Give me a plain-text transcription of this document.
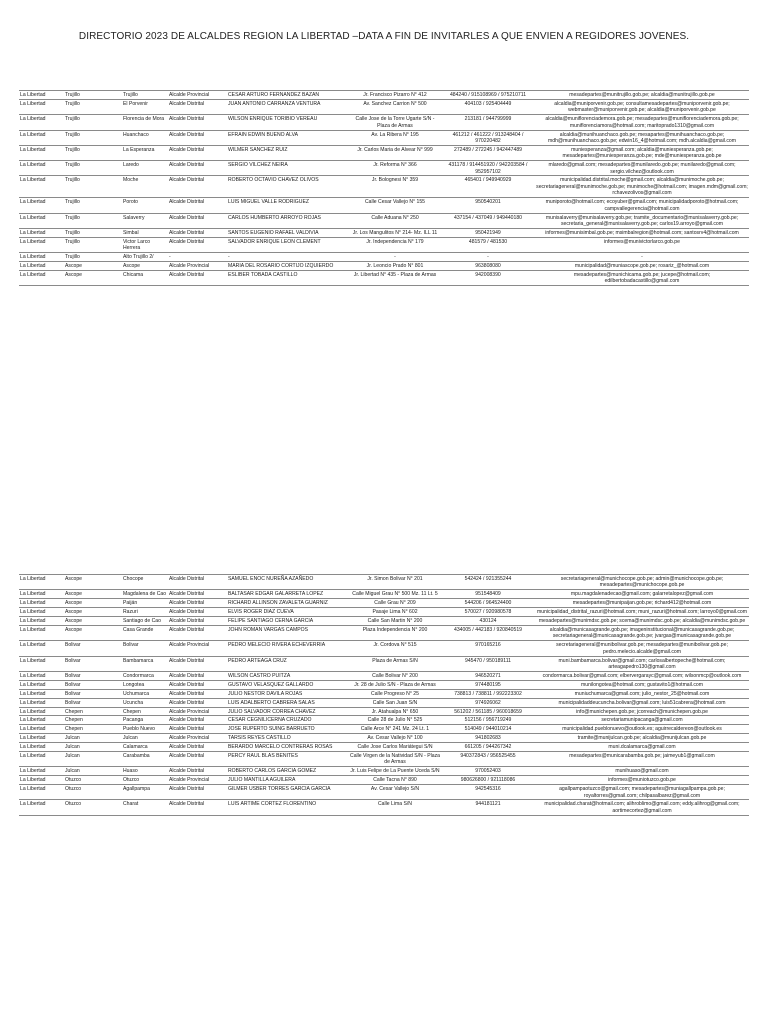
DIRECTORIO 2023 DE ALCALDES REGION LA LIBERTAD –DATA A FIN DE INVITARLES A QUE ENVIEN A REGIDORES JOVENES.
La Libertad	Trujillo	Trujillo	Alcalde Provincial	CESAR ARTURO FERNANDEZ BAZAN	Jr. Francisco Pizarro N° 412	484240 / 915108969 / 975210711	mesadepartes@munitrujillo.gob.pe; alcaldia@munitrujillo.gob.pe
La Libertad	Trujillo	El Porvenir	Alcalde Distrital	JUAN ANTONIO CARRANZA VENTURA	Av. Sanchez Carrion N° 500	404103 / 925404449	alcaldia@muniporvenir.gob.pe; consultamesadepartes@muniporvenir.gob.pe; webmaster@muniporvenir.gob.pe; alcaldia@muniporvenir.gob.pe
La Libertad	Trujillo	Florencia de Mora	Alcalde Distrital	WILSON ENRIQUE TORIBIO VEREAU	Calle Jose de la Torre Ugarte S/N - Plaza de Armas	213181 / 944799999	alcaldia@muniflorenciademora.gob.pe; mesadepartes@muniflorenciademora.gob.pe; muniflorenciamora@hotmail.com; maritoprado1310@gmail.com
La Libertad	Trujillo	Huanchaco	Alcalde Distrital	EFRAIN EDWIN BUENO ALVA	Av. La Ribera N° 195	461212 / 461222 / 913248404 / 970220482	alcaldia@munihuanchaco.gob.pe; mesapartes@munihuanchaco.gob.pe; mdh@munihuanchaco.gob.pe; edwin16_4@hotmail.com; mdh.alcaldia@gmail.com
La Libertad	Trujillo	La Esperanza	Alcalde Distrital	WILMER SANCHEZ RUIZ	Jr. Carlos Maria de Alvear N° 999	272489 / 272245 / 942447489	muniesperanza@gmail.com; alcaldia@muniesperanza.gob.pe; mesadepartes@muniesperanza.gob.pe; mde@muniesperanza.gob.pe
La Libertad	Trujillo	Laredo	Alcalde Distrital	SERGIO VILCHEZ NEIRA	Jr. Reforma N° 366	431178 / 914451920 / 942203584 / 952957102	mlaredo@gmail.com; mesadepartes@munilaredo.gob.pe; munilaredo@gmail.com; sergio.vilchez@outlook.com
La Libertad	Trujillo	Moche	Alcalde Distrital	ROBERTO OCTAVIO CHAVEZ OLIVOS	Jr. Bolognesi N° 359	465401 / 949940929	municipalidad.distrital.moche@gmail.com; alcaldia@munimoche.gob.pe; secretariageneral@munimoche.gob.pe; munimoche@hotmail.com; imagen.mdm@gmail.com; rchavezolivos@gmail.com
La Libertad	Trujillo	Poroto	Alcalde Distrital	LUIS MIGUEL VALLE RODRIGUEZ	Calle Cesar Vallejo N° 155	950540201	muniporoto@hotmail.com; ecoyuber@gmail.com; municipalidadporoto@hotmail.com; campvallegerencia@hotmail.com
La Libertad	Trujillo	Salaverry	Alcalde Distrital	CARLOS HUMBERTO ARROYO ROJAS	Calle Aduana N° 250	437154 / 437049 / 949440180	munisalaverry@munisalaverry.gob.pe; tramite_documentario@munisalaverry.gob.pe; secretaria_general@munisalaverry.gob.pe; carlos19.arroyo@gmail.com
La Libertad	Trujillo	Simbal	Alcalde Distrital	SANTOS EUGENIO RAFAEL VALDIVIA	Jr. Los Mangulitos N° 214- Mz. ILL 11	950421949	informes@munisimbal.gob.pe; msimbalregion@hotmail.com; santosrv4@hotmail.com
La Libertad	Trujillo	Victor Larco Herrera	Alcalde Distrital	SALVADOR ENRIQUE LEON CLEMENT	Jr. Independencia N° 179	481579 / 481530	informes@munivictorlarco.gob.pe
La Libertad	Trujillo	Alto Trujillo 2/	-	-	-	-	-
La Libertad	Ascope	Ascope	Alcalde Provincial	MARIA DEL ROSARIO CORTIJO IZQUIERDO	Jr. Leoncio Prado N° 801	963808080	municipalidad@muniascope.gob.pe; rosariz_@hotmail.com
La Libertad	Ascope	Chicama	Alcalde Distrital	ESLIBER TOBADA CASTILLO	Jr. Libertad N° 435 - Plaza de Armas	942008390	mesadepartes@munichicama.gob.pe; jucepe@hotmail.com; edilbertobadacastillo@gmail.com
La Libertad	Ascope	Chocope	Alcalde Distrital	SAMUEL ENOC NUREÑA AZAÑEDO	Jr. Simon Bolivar N° 201	542424 / 921355244	secretariageneral@munichocope.gob.pe; admin@munichocope.gob.pe; mesadepartes@munichocope.gob.pe
La Libertad	Ascope	Magdalena de Cao	Alcalde Distrital	BALTASAR EDGAR GALARRETA LOPEZ	Calle Miguel Grau N° 500 Mz. 11 Lt. 5	951548409	mpu.magdalenadecao@gmail.com; galarretalopez@gmail.com
La Libertad	Ascope	Paiján	Alcalde Distrital	RICHARD ALLINSON ZAVALETA GUARNIZ	Calle Grau N° 209	544206 / 964524400	mesadepartes@munipaijan.gob.pe; richard412@hotmail.com
La Libertad	Ascope	Razuri	Alcalde Distrital	ELVIS ROGER DIAZ CUEVA	Pasaje Lima N° 602	570027 / 920980578	municipalidad_distrital_razuri@hotmail.com; muni_razuri@hotmail.com; larroyo0@gmail.com
La Libertad	Ascope	Santiago de Cao	Alcalde Distrital	FELIPE SANTIAGO CERNA GARCIA	Calle San Martin N° 200	430124	mesadepartes@munimdsc.gob.pe; scema@munimdsc.gob.pe; alcaldia@munimdsc.gob.pe
La Libertad	Ascope	Casa Grande	Alcalde Distrital	JOHN ROMAN VARGAS CAMPOS	Plaza Independencia N° 200	434005 / 442183 / 920840519	alcaldia@municasagrande.gob.pe; imageninstitucional@municasagrande.gob.pe; secretariageneral@municasagrande.gob.pe; jvargas@municasagrande.gob.pe
La Libertad	Bolivar	Bolivar	Alcalde Provincial	PEDRO MELECIO RIVERA ECHEVERRIA	Jr. Cordova N° 515	970165216	secretariageneral@munibolivar.gob.pe; mesadepartes@munibolivar.gob.pe; pedro.melecio.alcalde@gmail.com
La Libertad	Bolivar	Bambamarca	Alcalde Distrital	PEDRO ARTEAGA CRUZ	Plaza de Armas S/N	945470 / 950189111	muni.bambamarca.bolivar@gmail.com; carlosalbertopeche@hotmail.com; arteagapedro130@gmail.com
La Libertad	Bolivar	Condormarca	Alcalde Distrital	WILSON CASTRO PUITZA	Calle Bolivar N° 200	946520271	condormarca.bolivar@gmail.com; elbervergarayc@gmail.com; wilsonmcp@outlook.com
La Libertad	Bolivar	Longotea	Alcalde Distrital	GUSTAVO VELASQUEZ GALLARDO	Jr. 28 de Julio S/N - Plaza de Armas	974480195	munilongotea@hotmail.com; gustavito1@hotmail.com
La Libertad	Bolivar	Uchumarca	Alcalde Distrital	JULIO NESTOR DAVILA ROJAS	Calle Progreso N° 25	738813 / 738811 / 992223302	muniuchumarca@gmail.com; julio_nestor_25@hotmail.com
La Libertad	Bolivar	Ucuncha	Alcalde Distrital	LUIS ADALBERTO CABRERA SALAS	Calle San Juan S/N	974926062	municipalidaddeucuncha.bolivar@gmail.com; luis51cabrera@hotmail.com
La Libertad	Chepen	Chepen	Alcalde Provincial	JULIO SALVADOR CORREA CHAVEZ	Jr. Atahualpa N° 650	561202 / 561185 / 960018659	info@munichepen.gob.pe; jcorreach@munichepen.gob.pe
La Libertad	Chepen	Pacanga	Alcalde Distrital	CESAR CEGNILICERNA CRUZADO	Calle 28 de Julio N° 525	512156 / 956719249	secretariamunipacanga@gmail.com
La Libertad	Chepen	Pueblo Nuevo	Alcalde Distrital	JOSE RUPERTO SUING BARRUETO	Calle Arce N° 241 Mz. 24 Lt. 1	514049 / 944010214	municipalidad.pueblonuevo@outlook.es; aguirrecaldereon@outlook.es
La Libertad	Julcan	Julcan	Alcalde Provincial	TARSIS REYES CASTILLO	Av. Cesar Vallejo N° 100	941802683	tramite@munijulcan.gob.pe; alcaldia@munijulcan.gob.pe
La Libertad	Julcan	Calamarca	Alcalde Distrital	BERARDO MARCELO CONTRERAS ROSAS	Calle Jose Carlos Mariátegui S/N	661205 / 944267342	muni.dcalamarca@gmail.com
La Libertad	Julcan	Carabamba	Alcalde Distrital	PERCY RAUL BLAS BENITES	Calle Virgen de la Natividad S/N - Plaza de Armas	940372843 / 956525455	mesadepartes@municarabamba.gob.pe; jaimeyub1@gmail.com
La Libertad	Julcan	Huaso	Alcalde Distrital	ROBERTO CARLOS GARCIA GOMEZ	Jr. Luis Felipe de La Puente Uceda S/N	970052403	munihuaso@gmail.com
La Libertad	Otuzco	Otuzco	Alcalde Provincial	JULIO MANTILLA AGUILERA	Calle Tacna N° 890	980626800 / 921118086	informes@muniotuzco.gob.pe
La Libertad	Otuzco	Agallpampa	Alcalde Distrital	GILMER USBER TORRES GARCIA GARCIA	Av. Cesar Vallejo S/N	942545316	agallpampaotuzco@gmail.com; mesadepartes@muniagallpampa.gob.pe; royaltorres@gmail.com; chilpasalbarez@gmail.com
La Libertad	Otuzco	Charat	Alcalde Distrital	LUIS ARTIME CORTEZ FLORENTINO	Calle Lima S/N	944181121	municipalidad.charat@hotmail.com; alihroblimo@gmail.com; eddy.alihrog@gmail.com; aortimecortez@gmail.com
